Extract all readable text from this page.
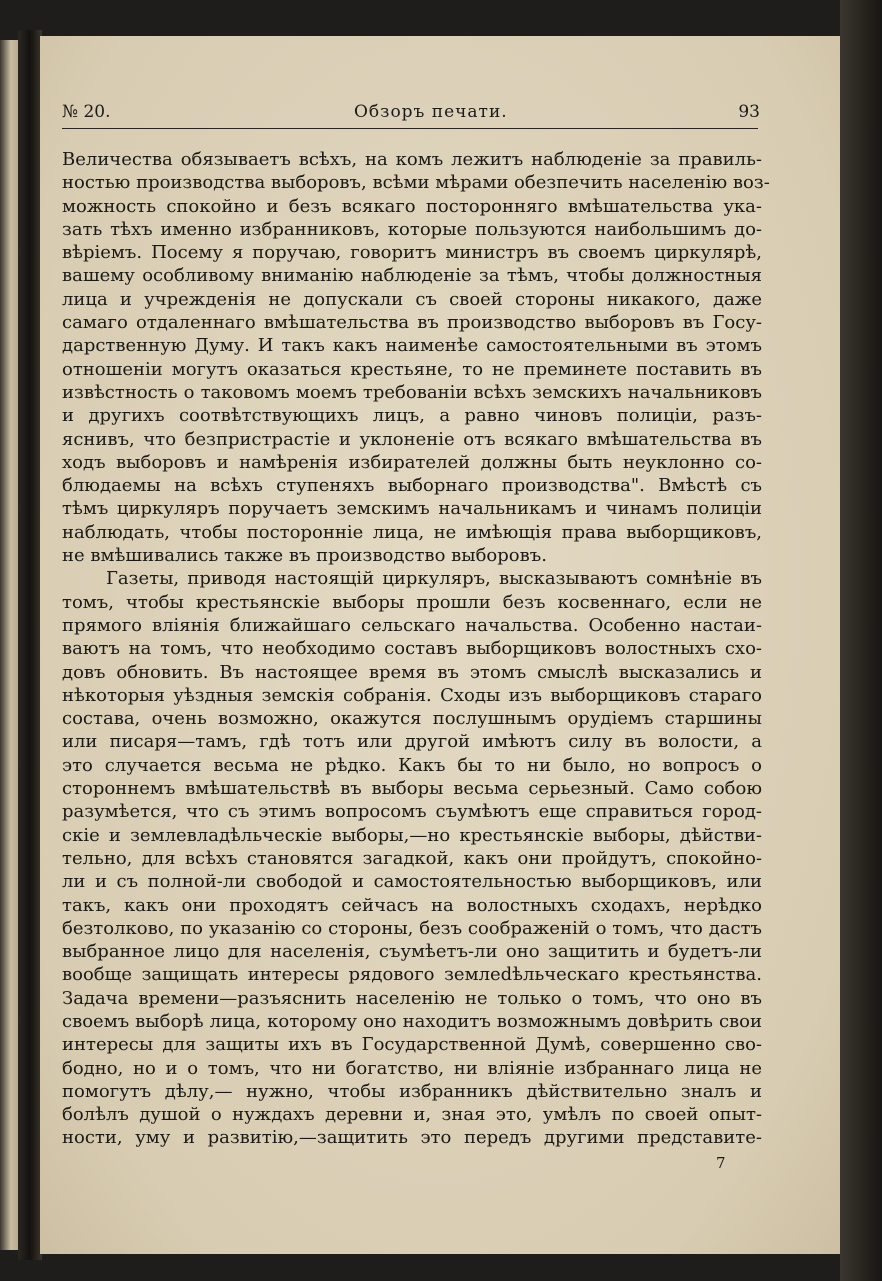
№ 20.	Обзоръ печати.	93
Величества обязываетъ всѣхъ, на комъ лежитъ наблюденіе за правиль-
ностью производства выборовъ, всѣми мѣрами обезпечить населенію воз-
можность спокойно и безъ всякаго посторонняго вмѣшательства ука-
зать тѣхъ именно избранниковъ, которые пользуются наибольшимъ до-
вѣріемъ. Посему я поручаю, говоритъ министръ въ своемъ циркулярѣ,
вашему особливому вниманію наблюденіе за тѣмъ, чтобы должностныя
лица и учрежденія не допускали съ своей стороны никакого, даже
самаго отдаленнаго вмѣшательства въ производство выборовъ въ Госу-
дарственную Думу. И такъ какъ наименѣе самостоятельными въ этомъ
отношеніи могутъ оказаться крестьяне, то не преминете поставить въ
извѣстность о таковомъ моемъ требованіи всѣхъ земскихъ начальниковъ
и другихъ соотвѣтствующихъ лицъ, а равно чиновъ полиціи, разъ-
яснивъ, что безпристрастіе и уклоненіе отъ всякаго вмѣшательства въ
ходъ выборовъ и намѣренія избирателей должны быть неуклонно со-
блюдаемы на всѣхъ ступеняхъ выборнаго производства". Вмѣстѣ съ
тѣмъ циркуляръ поручаетъ земскимъ начальникамъ и чинамъ полиціи
наблюдать, чтобы посторонніе лица, не имѣющія права выборщиковъ,
не вмѣшивались также въ производство выборовъ.
Газеты, приводя настоящій циркуляръ, высказываютъ сомнѣніе въ
томъ, чтобы крестьянскіе выборы прошли безъ косвеннаго, если не
прямого вліянія ближайшаго сельскаго начальства. Особенно настаи-
ваютъ на томъ, что необходимо составъ выборщиковъ волостныхъ схо-
довъ обновить. Въ настоящее время въ этомъ смыслѣ высказались и
нѣкоторыя уѣздныя земскія собранія. Сходы изъ выборщиковъ стараго
состава, очень возможно, окажутся послушнымъ орудіемъ старшины
или писаря—тамъ, гдѣ тотъ или другой имѣютъ силу въ волости, а
это случается весьма не рѣдко. Какъ бы то ни было, но вопросъ о
стороннемъ вмѣшательствѣ въ выборы весьма серьезный. Само собою
разумѣется, что съ этимъ вопросомъ съумѣютъ еще справиться город-
скіе и землевладѣльческіе выборы,—но крестьянскіе выборы, дѣйстви-
тельно, для всѣхъ становятся загадкой, какъ они пройдутъ, спокойно-
ли и съ полной-ли свободой и самостоятельностью выборщиковъ, или
такъ, какъ они проходятъ сейчасъ на волостныхъ сходахъ, нерѣдко
безтолково, по указанію со стороны, безъ соображеній о томъ, что дастъ
выбранное лицо для населенія, съумѣетъ-ли оно защитить и будетъ-ли
вообще защищать интересы рядового землedѣльческаго крестьянства.
Задача времени—разъяснить населенію не только о томъ, что оно въ
своемъ выборѣ лица, которому оно находитъ возможнымъ довѣрить свои
интересы для защиты ихъ въ Государственной Думѣ, совершенно сво-
бодно, но и о томъ, что ни богатство, ни вліяніе избраннаго лица не
помогутъ дѣлу,— нужно, чтобы избранникъ дѣйствительно зналъ и
болѣлъ душой о нуждахъ деревни и, зная это, умѣлъ по своей опыт-
ности, уму и развитію,—защитить это передъ другими представите-
7
